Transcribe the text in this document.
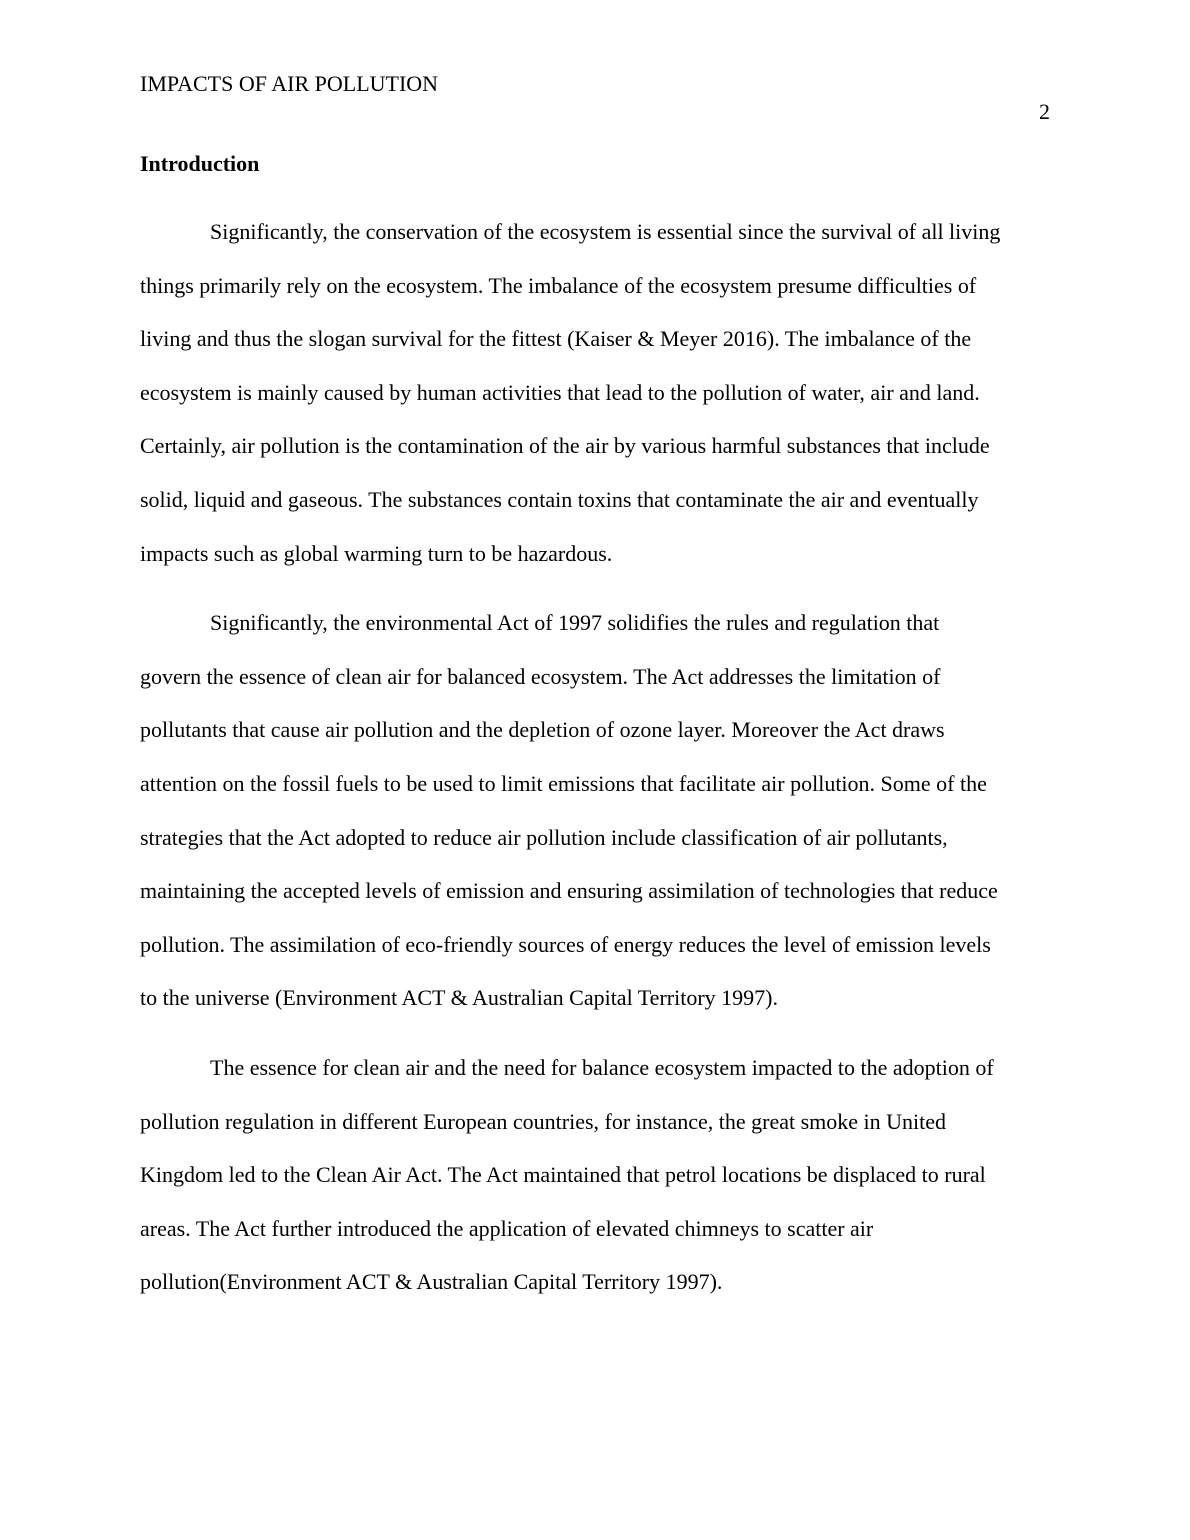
IMPACTS OF AIR POLLUTION
2
Introduction
Significantly, the conservation of the ecosystem is essential since the survival of all living
things primarily rely on the ecosystem. The imbalance of the ecosystem presume difficulties of
living and thus the slogan survival for the fittest (Kaiser & Meyer 2016). The imbalance of the
ecosystem is mainly caused by human activities that lead to the pollution of water, air and land.
Certainly, air pollution is the contamination of the air by various harmful substances that include
solid, liquid and gaseous. The substances contain toxins that contaminate the air and eventually
impacts such as global warming turn to be hazardous.
Significantly, the environmental Act of 1997 solidifies the rules and regulation that
govern the essence of clean air for balanced ecosystem. The Act addresses the limitation of
pollutants that cause air pollution and the depletion of ozone layer. Moreover the Act draws
attention on the fossil fuels to be used to limit emissions that facilitate air pollution. Some of the
strategies that the Act adopted to reduce air pollution include classification of air pollutants,
maintaining the accepted levels of emission and ensuring assimilation of technologies that reduce
pollution. The assimilation of eco-friendly sources of energy reduces the level of emission levels
to the universe (Environment ACT & Australian Capital Territory 1997).
The essence for clean air and the need for balance ecosystem impacted to the adoption of
pollution regulation in different European countries, for instance, the great smoke in United
Kingdom led to the Clean Air Act. The Act maintained that petrol locations be displaced to rural
areas. The Act further introduced the application of elevated chimneys to scatter air
pollution(Environment ACT & Australian Capital Territory 1997).
